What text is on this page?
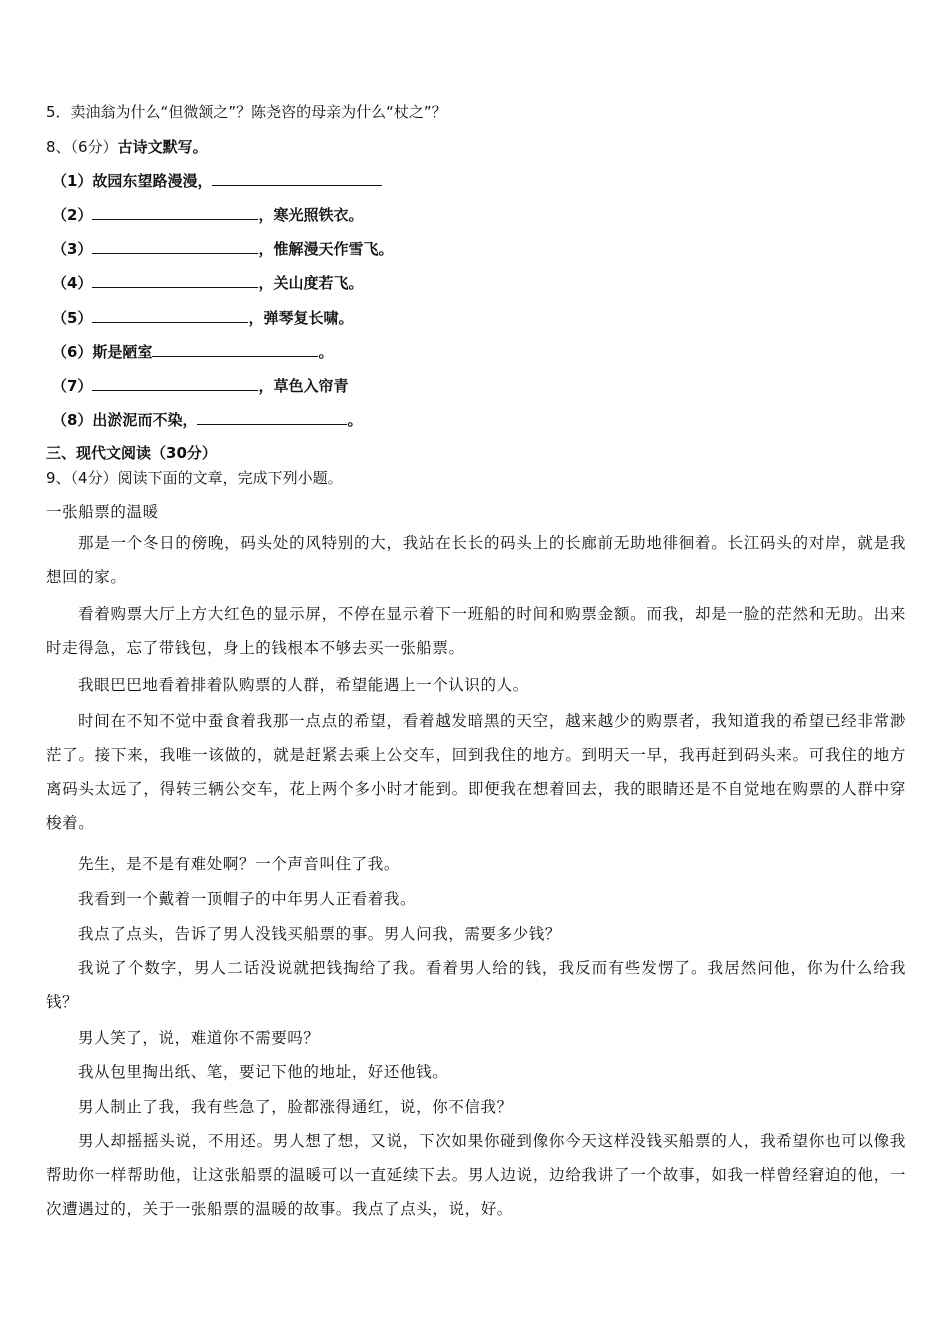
5．卖油翁为什么“但微颔之”？陈尧咨的母亲为什么“杖之”？
8、（6分）古诗文默写。
（1）故园东望路漫漫，
（2）	，寒光照铁衣。
（3）	，惟解漫天作雪飞。
（4）	，关山度若飞。
（5）	，弹琴复长啸。
（6）斯是陋室	。
（7）	，草色入帘青
（8）出淤泥而不染，	。
三、现代文阅读（30分）
9、（4分）阅读下面的文章，完成下列小题。
一张船票的温暖
那是一个冬日的傍晚，码头处的风特别的大，我站在长长的码头上的长廊前无助地徘徊着。长江码头的对岸，就是我想回的家。
看着购票大厅上方大红色的显示屏，不停在显示着下一班船的时间和购票金额。而我，却是一脸的茫然和无助。出来时走得急，忘了带钱包，身上的钱根本不够去买一张船票。
我眼巴巴地看着排着队购票的人群，希望能遇上一个认识的人。
时间在不知不觉中蚕食着我那一点点的希望，看着越发暗黑的天空，越来越少的购票者，我知道我的希望已经非常渺茫了。接下来，我唯一该做的，就是赶紧去乘上公交车，回到我住的地方。到明天一早，我再赶到码头来。可我住的地方离码头太远了，得转三辆公交车，花上两个多小时才能到。即便我在想着回去，我的眼睛还是不自觉地在购票的人群中穿梭着。
先生，是不是有难处啊？一个声音叫住了我。
我看到一个戴着一顶帽子的中年男人正看着我。
我点了点头，告诉了男人没钱买船票的事。男人问我，需要多少钱？
我说了个数字，男人二话没说就把钱掏给了我。看着男人给的钱，我反而有些发愣了。我居然问他，你为什么给我钱？
男人笑了，说，难道你不需要吗？
我从包里掏出纸、笔，要记下他的地址，好还他钱。
男人制止了我，我有些急了，脸都涨得通红，说，你不信我？
男人却摇摇头说，不用还。男人想了想，又说，下次如果你碰到像你今天这样没钱买船票的人，我希望你也可以像我帮助你一样帮助他，让这张船票的温暖可以一直延续下去。男人边说，边给我讲了一个故事，如我一样曾经窘迫的他，一次遭遇过的，关于一张船票的温暖的故事。我点了点头，说，好。
